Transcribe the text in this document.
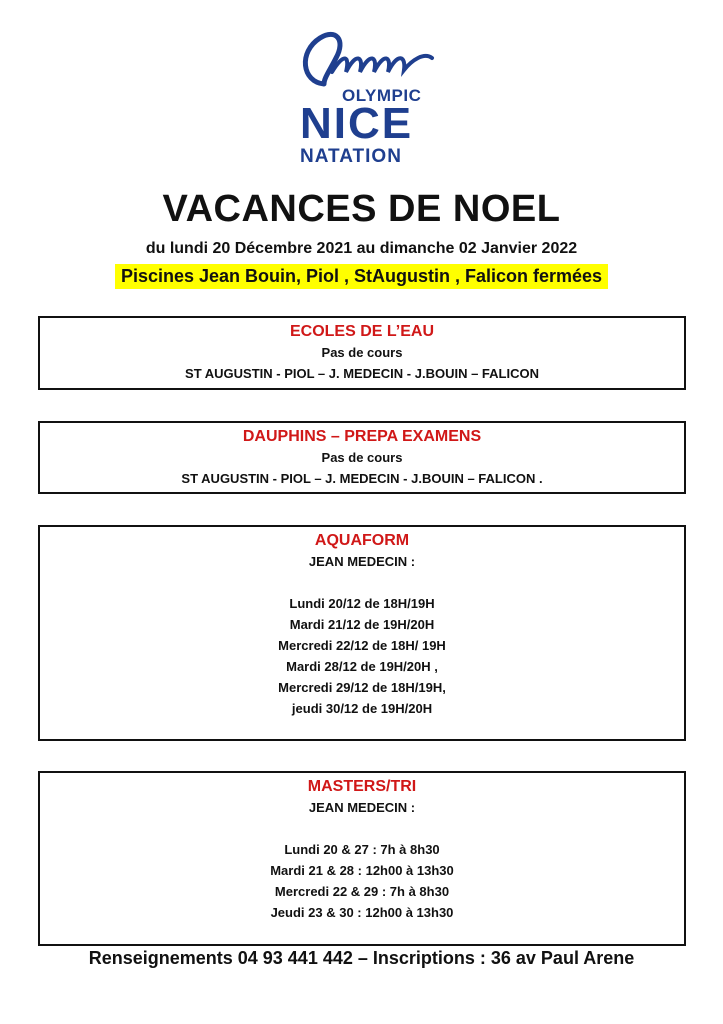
OLYMPIC
NICE
NATATION
VACANCES DE NOEL
du lundi 20 Décembre 2021 au dimanche 02 Janvier 2022
Piscines Jean Bouin, Piol , StAugustin , Falicon fermées
ECOLES DE L’EAU
Pas de cours
ST AUGUSTIN - PIOL – J. MEDECIN - J.BOUIN – FALICON
DAUPHINS – PREPA EXAMENS
Pas de cours
ST AUGUSTIN - PIOL – J. MEDECIN - J.BOUIN – FALICON .
AQUAFORM
JEAN MEDECIN :
Lundi 20/12 de 18H/19H
Mardi 21/12 de 19H/20H
Mercredi 22/12 de 18H/ 19H
Mardi 28/12 de 19H/20H ,
Mercredi 29/12 de 18H/19H,
jeudi 30/12 de 19H/20H
MASTERS/TRI
JEAN MEDECIN :
Lundi 20 & 27 : 7h à 8h30
Mardi 21 & 28 : 12h00 à 13h30
Mercredi 22 & 29 : 7h à 8h30
Jeudi 23 & 30 : 12h00 à 13h30
Renseignements 04 93 441 442 – Inscriptions : 36 av Paul Arene
